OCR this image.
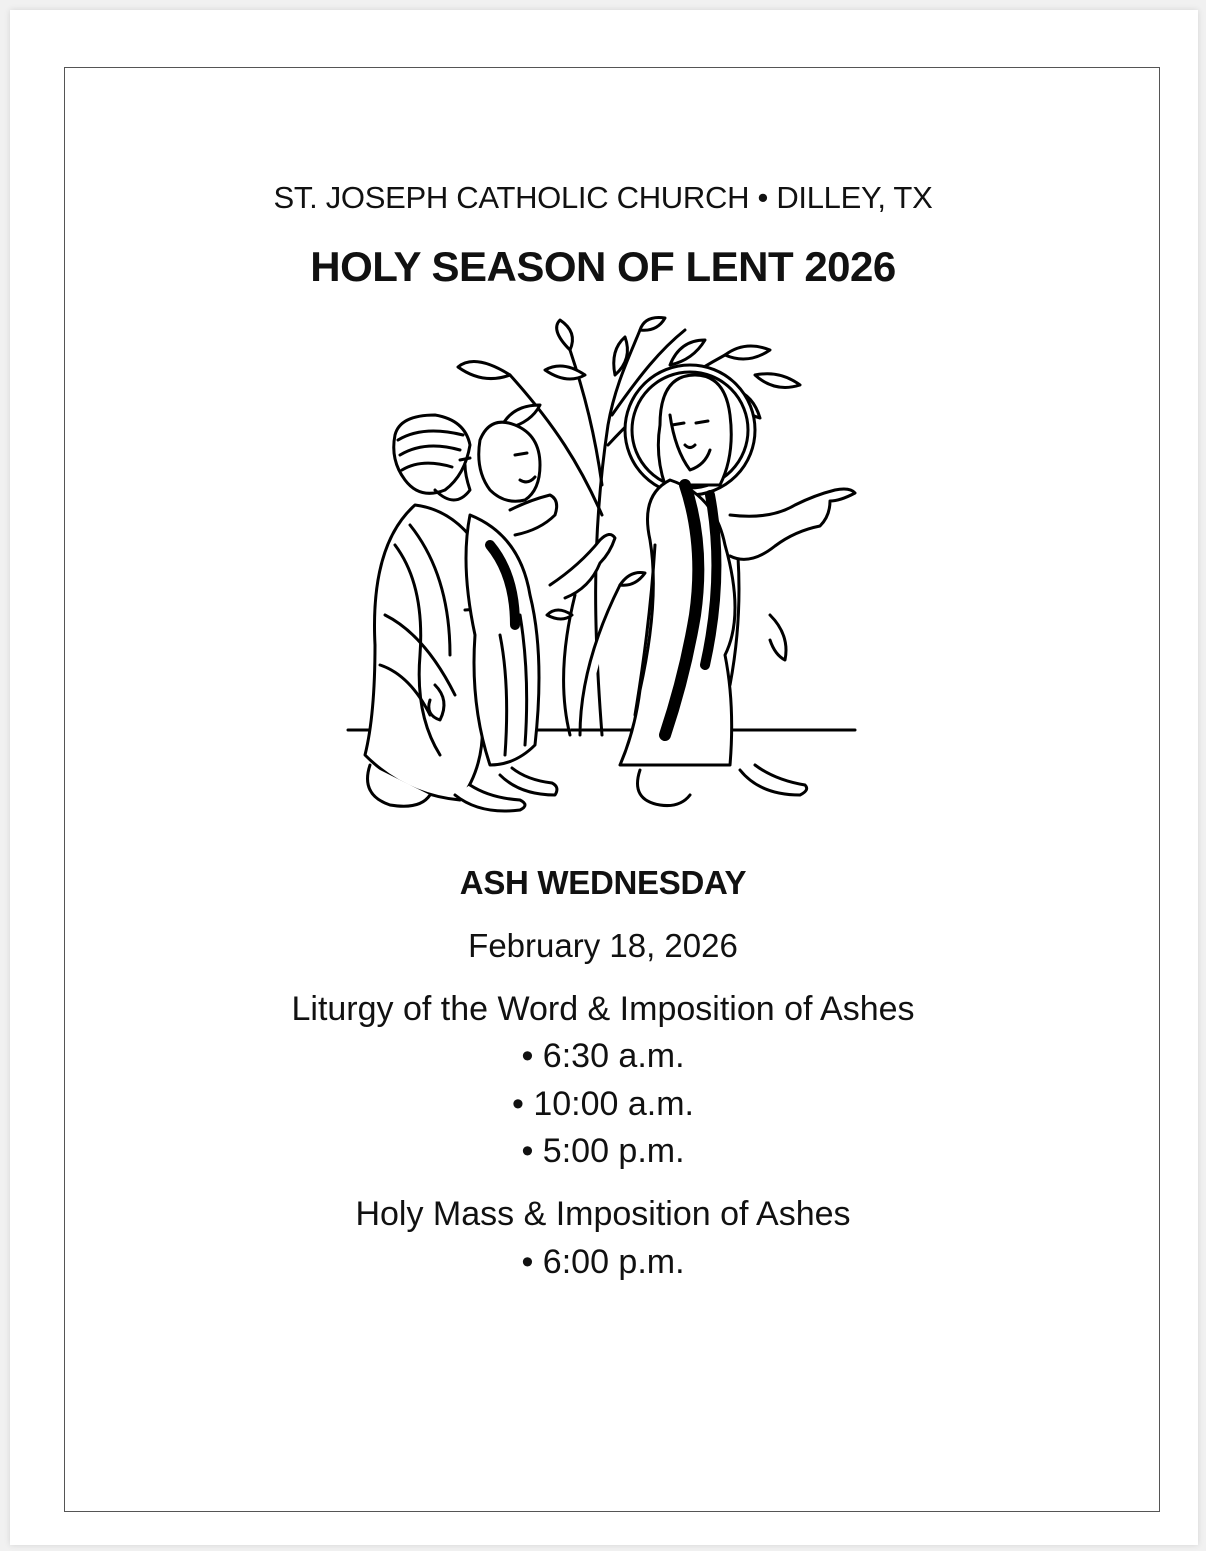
ST. JOSEPH CATHOLIC CHURCH • DILLEY, TX
HOLY SEASON OF LENT 2026
ASH WEDNESDAY
February 18, 2026
Liturgy of the Word & Imposition of Ashes
• 6:30 a.m.
• 10:00 a.m.
• 5:00 p.m.
Holy Mass & Imposition of Ashes
• 6:00 p.m.
